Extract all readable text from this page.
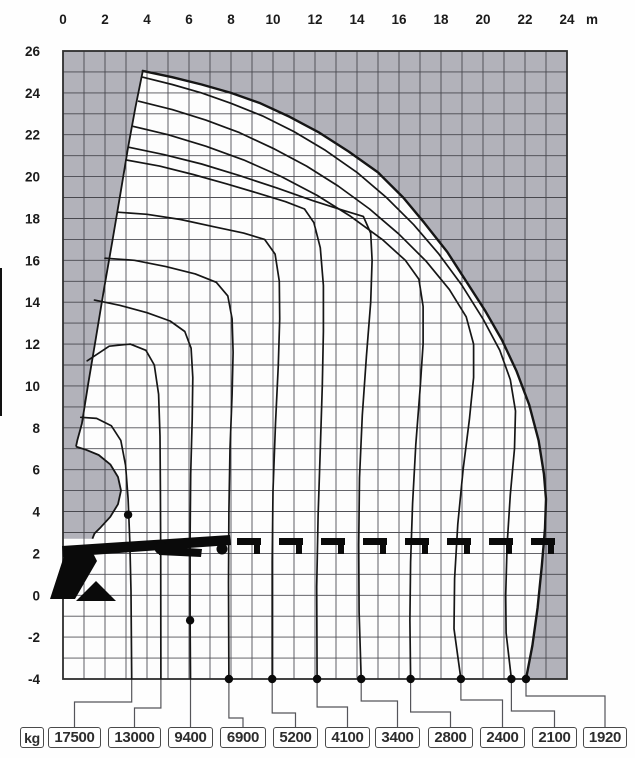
0	2	4	6	8 10 12 14 16 18 20 22 24 m
26
24
22
20
18
16
14
12
10
8
6
4
2
0
-2
-4
kg 17500 13000 9400 6900 5200 4100 3400 2800 2400 2100 1920
